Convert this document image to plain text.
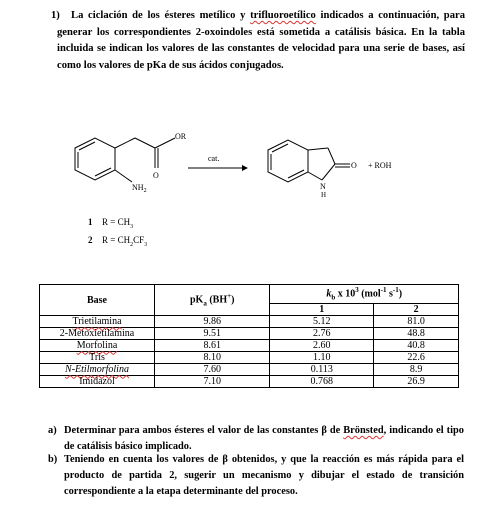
1) La ciclación de los ésteres metílico y trifluoroetílico indicados a continuación, para generar los correspondientes 2-oxoindoles está sometida a catálisis básica. En la tabla incluida se indican los valores de las constantes de velocidad para una serie de bases, así como los valores de pKa de sus ácidos conjugados.
OR
O
$NH_2$
cat.
O
N
H
+ ROH
1 $R = CH_3$
2 $R = CH_2CF_3$
Base	$pK_a$ (BH+)	$k_b$ x $10^3$ (mol$^{-1}$ $s^{-1}$)	
		1	2
Trietilamina	9.86	5.12	81.0
2-Metoxietilamina	9.51	2.76	48.8
Morfolina	8.61	2.60	40.8
Tris	8.10	1.10	22.6
N-Etilmorfolina	7.60	0.113	8.9
Imidazol	7.10	0.768	26.9
a) Determinar para ambos ésteres el valor de las constantes β de Brönsted, indicando el tipo de catálisis básico implicado.
b) Teniendo en cuenta los valores de β obtenidos, y que la reacción es más rápida para el producto de partida 2, sugerir un mecanismo y dibujar el estado de transición correspondiente a la etapa determinante del proceso.
